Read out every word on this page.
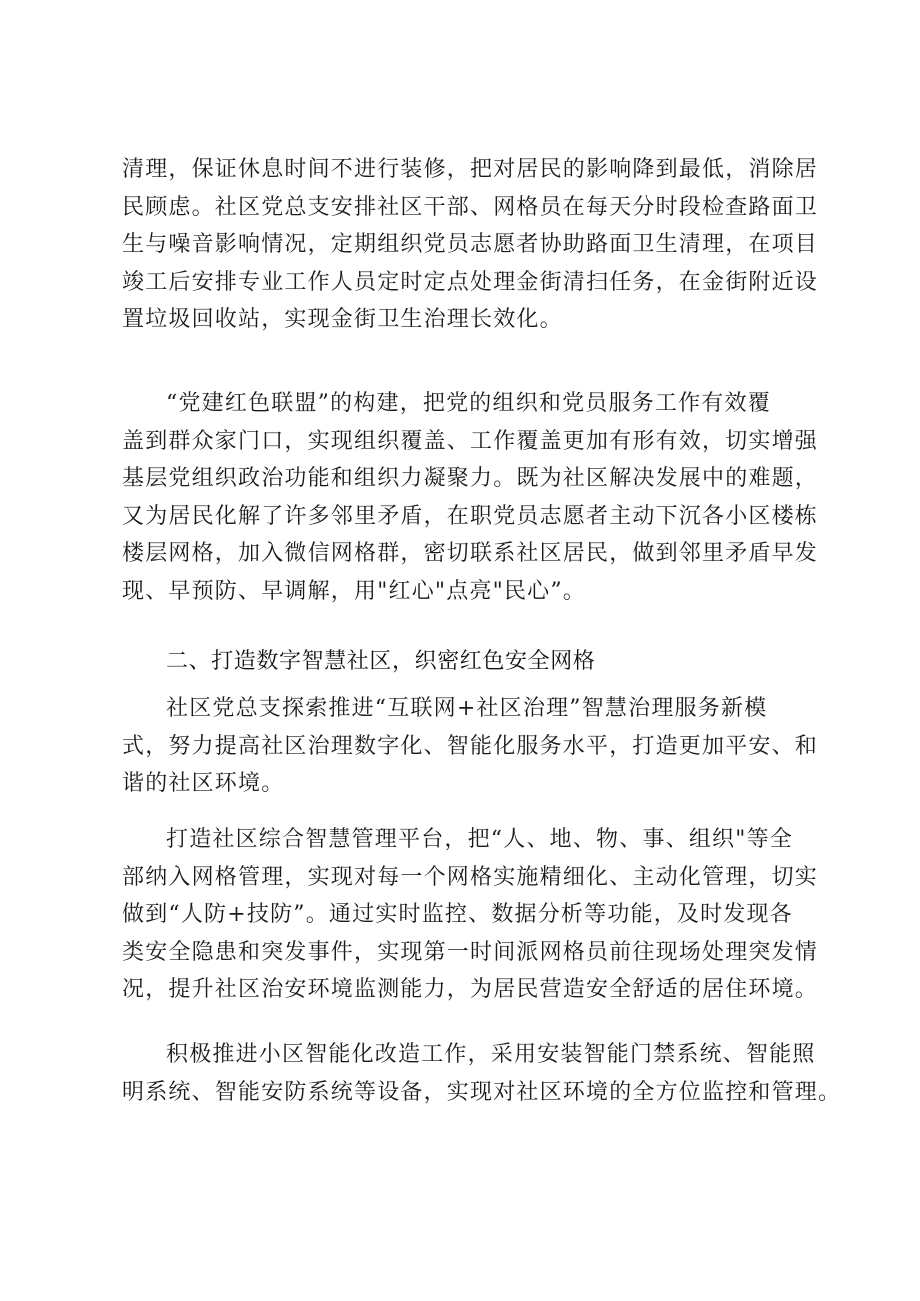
清理，保证休息时间不进行装修，把对居民的影响降到最低，消除居
民顾虑。社区党总支安排社区干部、网格员在每天分时段检查路面卫
生与噪音影响情况，定期组织党员志愿者协助路面卫生清理，在项目
竣工后安排专业工作人员定时定点处理金街清扫任务，在金街附近设
置垃圾回收站，实现金街卫生治理长效化。
“党建红色联盟”的构建，把党的组织和党员服务工作有效覆
盖到群众家门口，实现组织覆盖、工作覆盖更加有形有效，切实增强
基层党组织政治功能和组织力凝聚力。既为社区解决发展中的难题，
又为居民化解了许多邻里矛盾，在职党员志愿者主动下沉各小区楼栋
楼层网格，加入微信网格群，密切联系社区居民，做到邻里矛盾早发
现、早预防、早调解，用"红心"点亮"民心”。
二、打造数字智慧社区，织密红色安全网格
社区党总支探索推进“互联网+社区治理”智慧治理服务新模
式，努力提高社区治理数字化、智能化服务水平，打造更加平安、和
谐的社区环境。
打造社区综合智慧管理平台，把“人、地、物、事、组织"等全
部纳入网格管理，实现对每一个网格实施精细化、主动化管理，切实
做到“人防+技防”。通过实时监控、数据分析等功能，及时发现各
类安全隐患和突发事件，实现第一时间派网格员前往现场处理突发情
况，提升社区治安环境监测能力，为居民营造安全舒适的居住环境。
积极推进小区智能化改造工作，采用安装智能门禁系统、智能照
明系统、智能安防系统等设备，实现对社区环境的全方位监控和管理。
